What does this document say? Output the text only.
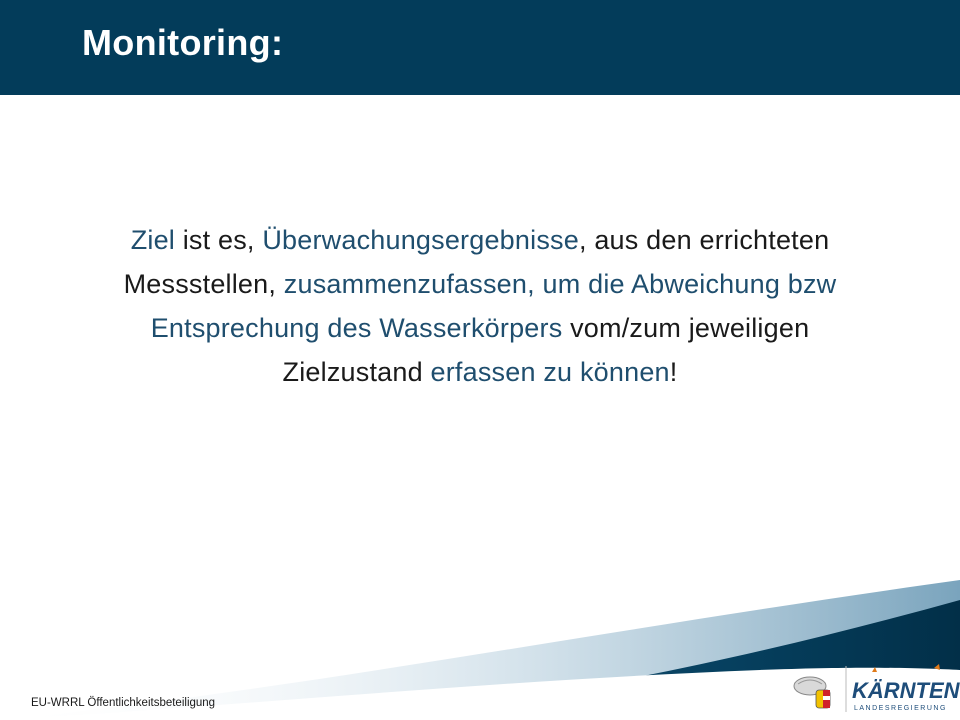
Monitoring:

Ziel ist es, Überwachungsergebnisse, aus den errichteten Messstellen, zusammenzufassen, um die Abweichung bzw Entsprechung des Wasserkörpers vom/zum jeweiligen Zielzustand erfassen zu können!

EU-WRRL Öffentlichkeitsbeteiligung	KÄRNTEN
LANDESREGIERUNG
